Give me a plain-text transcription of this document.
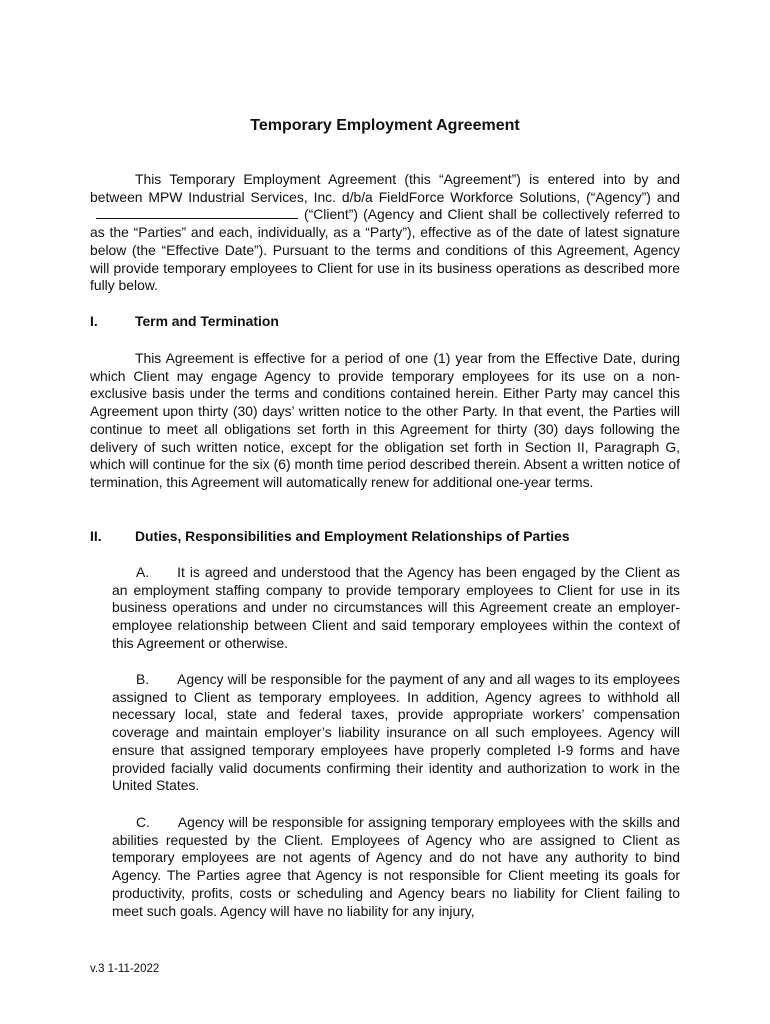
Temporary Employment Agreement

This Temporary Employment Agreement (this “Agreement”) is entered into by and between MPW Industrial Services, Inc. d/b/a FieldForce Workforce Solutions, (“Agency”) and(“Client”) (Agency and Client shall be collectively referred to as the “Parties” and each, individually, as a “Party”), effective as of the date of latest signature below (the “Effective Date”). Pursuant to the terms and conditions of this Agreement, Agency will provide temporary employees to Client for use in its business operations as described more fully below.

I.	Term and Termination

This Agreement is effective for a period of one (1) year from the Effective Date, during which Client may engage Agency to provide temporary employees for its use on a non-exclusive basis under the terms and conditions contained herein. Either Party may cancel this Agreement upon thirty (30) days’ written notice to the other Party. In that event, the Parties will continue to meet all obligations set forth in this Agreement for thirty (30) days following the delivery of such written notice, except for the obligation set forth in Section II, Paragraph G, which will continue for the six (6) month time period described therein. Absent a written notice of termination, this Agreement will automatically renew for additional one-year terms.

II. Duties, Responsibilities and Employment Relationships of Parties

A. It is agreed and understood that the Agency has been engaged by the Client as an employment staffing company to provide temporary employees to Client for use in its business operations and under no circumstances will this Agreement create an employer-employee relationship between Client and said temporary employees within the context of this Agreement or otherwise.

B. Agency will be responsible for the payment of any and all wages to its employees assigned to Client as temporary employees. In addition, Agency agrees to withhold all necessary local, state and federal taxes, provide appropriate workers’ compensation coverage and maintain employer’s liability insurance on all such employees. Agency will ensure that assigned temporary employees have properly completed I-9 forms and have provided facially valid documents confirming their identity and authorization to work in the United States.

C. Agency will be responsible for assigning temporary employees with the skills and abilities requested by the Client. Employees of Agency who are assigned to Client as temporary employees are not agents of Agency and do not have any authority to bind Agency. The Parties agree that Agency is not responsible for Client meeting its goals for productivity, profits, costs or scheduling and Agency bears no liability for Client failing to meet such goals. Agency will have no liability for any injury,

v.3 1-11-2022
